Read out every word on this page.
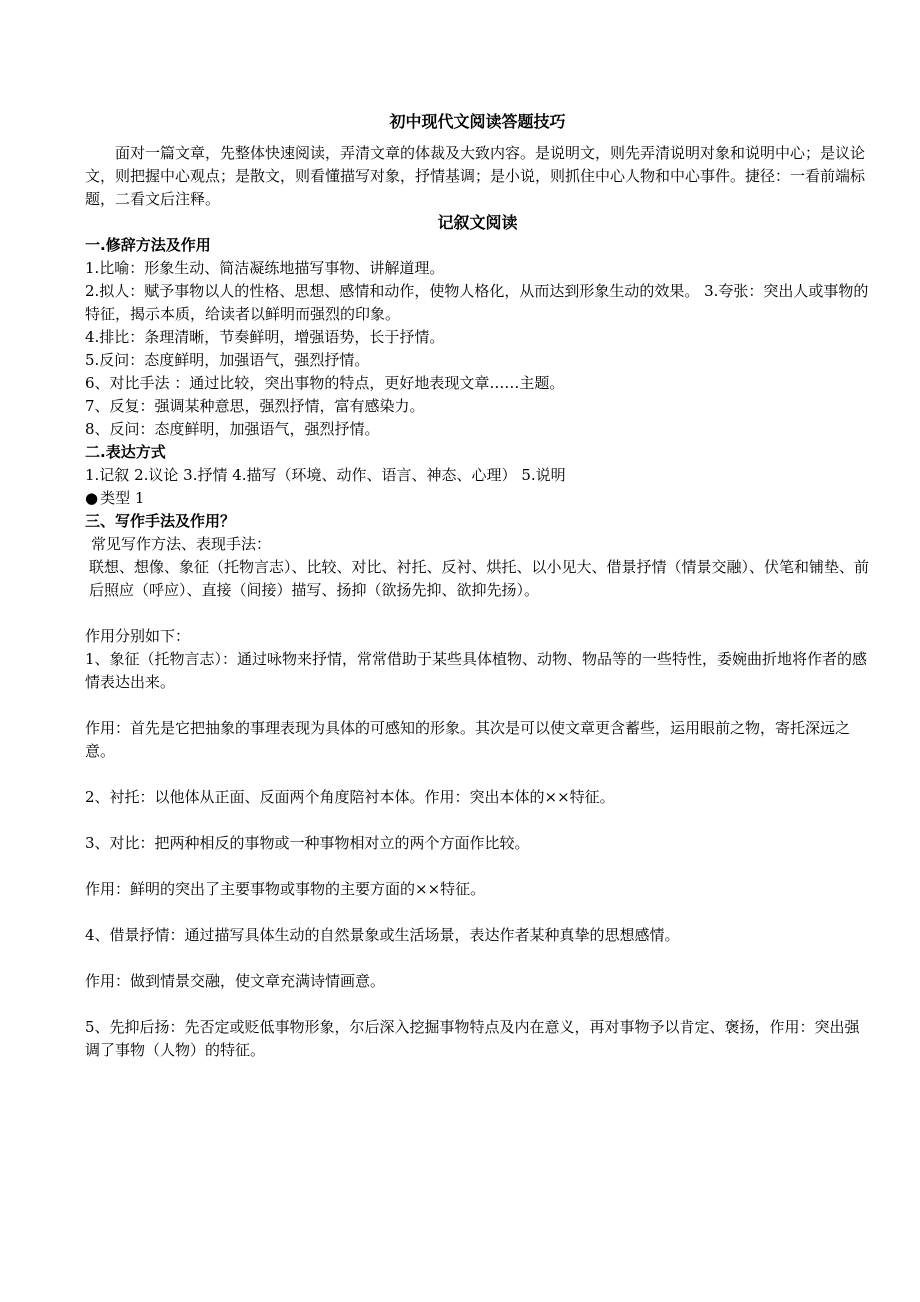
初中现代文阅读答题技巧

面对一篇文章，先整体快速阅读，弄清文章的体裁及大致内容。是说明文，则先弄清说明对象和说明中心；是议论文，则把握中心观点；是散文，则看懂描写对象，抒情基调；是小说，则抓住中心人物和中心事件。捷径：一看前端标题，二看文后注释。

记叙文阅读

一.修辞方法及作用

1.比喻：形象生动、简洁凝练地描写事物、讲解道理。

2.拟人：赋予事物以人的性格、思想、感情和动作，使物人格化，从而达到形象生动的效果。 3.夸张：突出人或事物的特征，揭示本质，给读者以鲜明而强烈的印象。

4.排比：条理清晰，节奏鲜明，增强语势，长于抒情。

5.反问：态度鲜明，加强语气，强烈抒情。

6、对比手法 ：通过比较，突出事物的特点，更好地表现文章……主题。

7、反复：强调某种意思，强烈抒情，富有感染力。

8、反问：态度鲜明，加强语气，强烈抒情。

二.表达方式

1.记叙 2.议论 3.抒情 4.描写（环境、动作、语言、神态、心理） 5.说明

● 类型 1

三、写作手法及作用？

常见写作方法、表现手法：

联想、想像、象征（托物言志）、比较、对比、衬托、反衬、烘托、以小见大、借景抒情（情景交融）、伏笔和铺垫、前后照应（呼应）、直接（间接）描写、扬抑（欲扬先抑、欲抑先扬）。

作用分别如下：

1、象征（托物言志）：通过咏物来抒情，常常借助于某些具体植物、动物、物品等的一些特性，委婉曲折地将作者的感情表达出来。

作用：首先是它把抽象的事理表现为具体的可感知的形象。其次是可以使文章更含蓄些，运用眼前之物，寄托深远之意。

2、衬托：以他体从正面、反面两个角度陪衬本体。作用：突出本体的××特征。

3、对比：把两种相反的事物或一种事物相对立的两个方面作比较。

作用：鲜明的突出了主要事物或事物的主要方面的××特征。

4、借景抒情：通过描写具体生动的自然景象或生活场景，表达作者某种真挚的思想感情。

作用：做到情景交融，使文章充满诗情画意。

5、先抑后扬：先否定或贬低事物形象，尔后深入挖掘事物特点及内在意义，再对事物予以肯定、褒扬，作用：突出强调了事物（人物）的特征。
